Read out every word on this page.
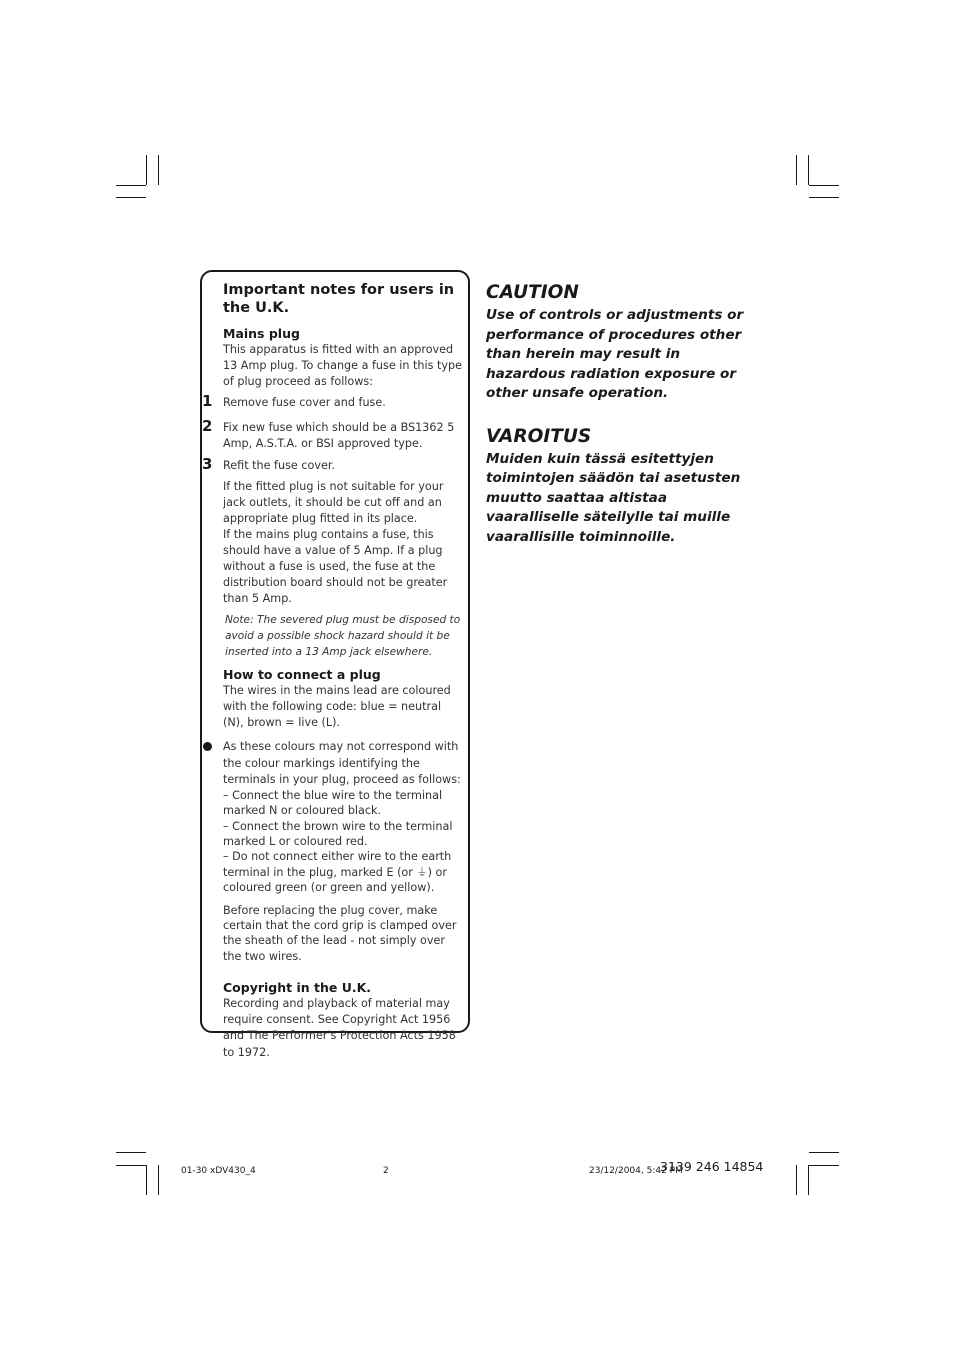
Important notes for users in the U.K.

Mains plug

This apparatus is fitted with an approved 13 Amp plug. To change a fuse in this type of plug proceed as follows:

1 Remove fuse cover and fuse.

2 Fix new fuse which should be a BS1362 5 Amp, A.S.T.A. or BSI approved type.

3 Refit the fuse cover.

If the fitted plug is not suitable for your jack outlets, it should be cut off and an appropriate plug fitted in its place.

If the mains plug contains a fuse, this should have a value of 5 Amp. If a plug without a fuse is used, the fuse at the distribution board should not be greater than 5 Amp.

Note: The severed plug must be disposed to avoid a possible shock hazard should it be inserted into a 13 Amp jack elsewhere.

How to connect a plug

The wires in the mains lead are coloured with the following code: blue = neutral (N), brown = live (L).

As these colours may not correspond with the colour markings identifying the terminals in your plug, proceed as follows:

– Connect the blue wire to the terminal marked N or coloured black.

– Connect the brown wire to the terminal marked L or coloured red.

– Do not connect either wire to the earth terminal in the plug, marked E (or ⏚) or coloured green (or green and yellow).

Before replacing the plug cover, make certain that the cord grip is clamped over the sheath of the lead - not simply over the two wires.

Copyright in the U.K.

Recording and playback of material may require consent. See Copyright Act 1956 and The Performer's Protection Acts 1958 to 1972.

CAUTION

Use of controls or adjustments or performance of procedures other than herein may result in hazardous radiation exposure or other unsafe operation.

VAROITUS

Muiden kuin tässä esitettyjen toimintojen säädön tai asetusten muutto saattaa altistaa vaaralliselle säteilylle tai muille vaarallisille toiminnoille.

01-30 xDV430_4	2	23/12/2004, 5:42 PM
3139 246 14854
